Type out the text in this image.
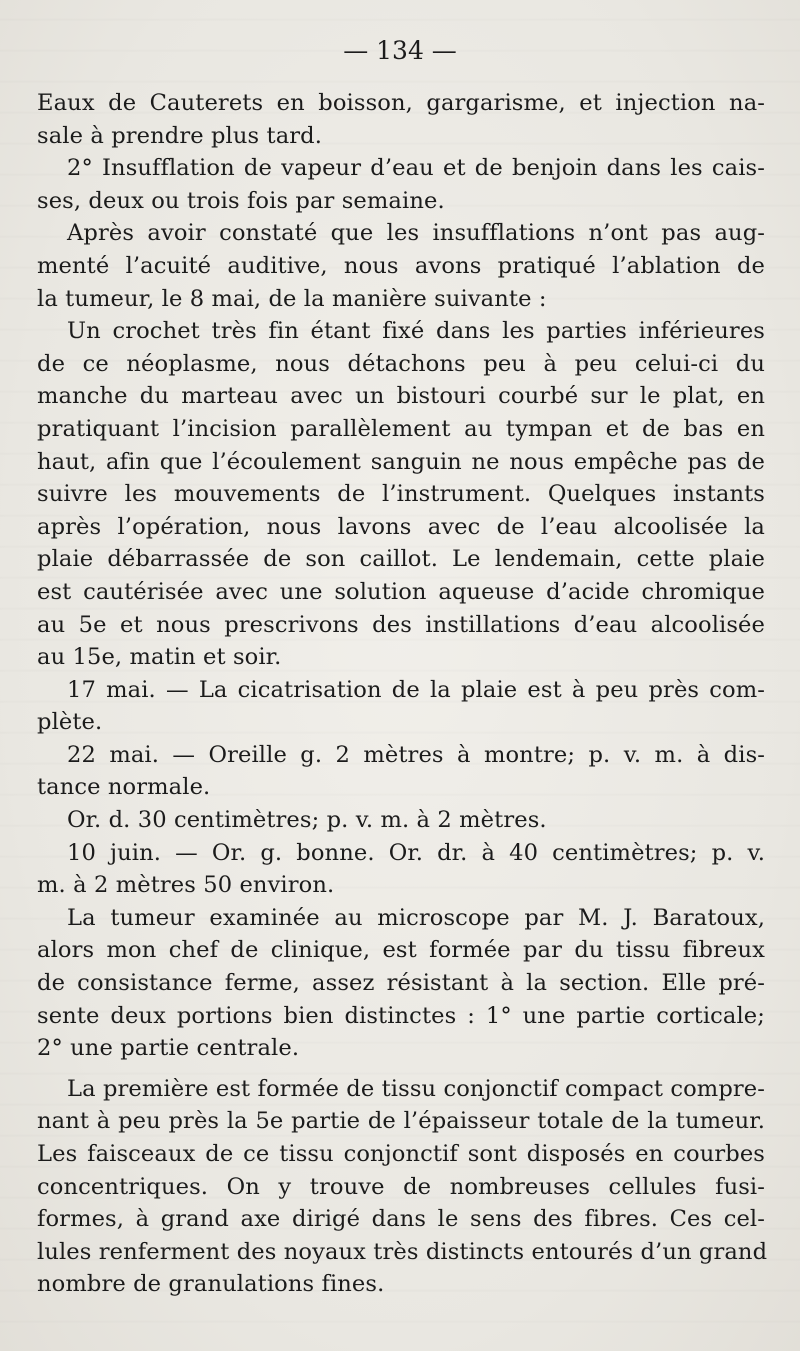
— 134 —
Eaux de Cauterets en boisson, gargarisme, et injection na-
sale à prendre plus tard.
2° Insufflation de vapeur d’eau et de benjoin dans les cais-
ses, deux ou trois fois par semaine.
Après avoir constaté que les insufflations n’ont pas aug-
menté l’acuité auditive, nous avons pratiqué l’ablation de
la tumeur, le 8 mai, de la manière suivante :
Un crochet très fin étant fixé dans les parties inférieures
de ce néoplasme, nous détachons peu à peu celui-ci du
manche du marteau avec un bistouri courbé sur le plat, en
pratiquant l’incision parallèlement au tympan et de bas en
haut, afin que l’écoulement sanguin ne nous empêche pas de
suivre les mouvements de l’instrument. Quelques instants
après l’opération, nous lavons avec de l’eau alcoolisée la
plaie débarrassée de son caillot. Le lendemain, cette plaie
est cautérisée avec une solution aqueuse d’acide chromique
au 5e et nous prescrivons des instillations d’eau alcoolisée
au 15e, matin et soir.
17 mai. — La cicatrisation de la plaie est à peu près com-
plète.
22 mai. — Oreille g. 2 mètres à montre; p. v. m. à dis-
tance normale.
Or. d. 30 centimètres; p. v. m. à 2 mètres.
10 juin. — Or. g. bonne. Or. dr. à 40 centimètres; p. v.
m. à 2 mètres 50 environ.
La tumeur examinée au microscope par M. J. Baratoux,
alors mon chef de clinique, est formée par du tissu fibreux
de consistance ferme, assez résistant à la section. Elle pré-
sente deux portions bien distinctes : 1° une partie corticale;
2° une partie centrale.
La première est formée de tissu conjonctif compact compre-
nant à peu près la 5e partie de l’épaisseur totale de la tumeur.
Les faisceaux de ce tissu conjonctif sont disposés en courbes
concentriques. On y trouve de nombreuses cellules fusi-
formes, à grand axe dirigé dans le sens des fibres. Ces cel-
lules renferment des noyaux très distincts entourés d’un grand
nombre de granulations fines.
